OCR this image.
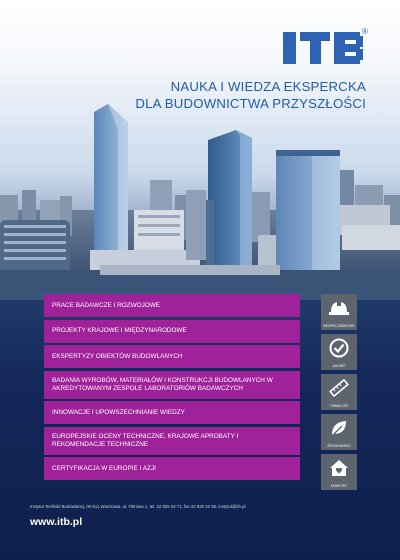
®
NAUKA I WIEDZA EKSPERCKA
DLA BUDOWNICTWA PRZYSZŁOŚCI
PRACE BADAWCZE I ROZWOJOWE
PROJEKTY KRAJOWE I MIĘDZYNARODOWE
EKSPERTYZY OBIEKTÓW BUDOWLANYCH
BADANIA WYROBÓW, MATERIAŁÓW I KONSTRUKCJI BUDOWLANYCH W AKREDYTOWANYM ZESPOLE LABORATORIÓW BADAWCZYCH
INNOWACJE I UPOWSZECHNIANIE WIEDZY
EUROPEJSKIE OCENY TECHNICZNE, KRAJOWE APROBATY I REKOMENDACJE TECHNICZNE
CERTYFIKACJA W EUROPIE I AZJI
BEZPIECZEŃSTWO
JAKOŚĆ
TRWAŁOŚĆ
ŚRODOWISKO
KOMFORT
Instytut Techniki Budowlanej, 00-611 Warszawa, ul. Filtrowa 1, tel. 22 825 04 71, fax 22 825 52 86, instytut@itb.pl
www.itb.pl
